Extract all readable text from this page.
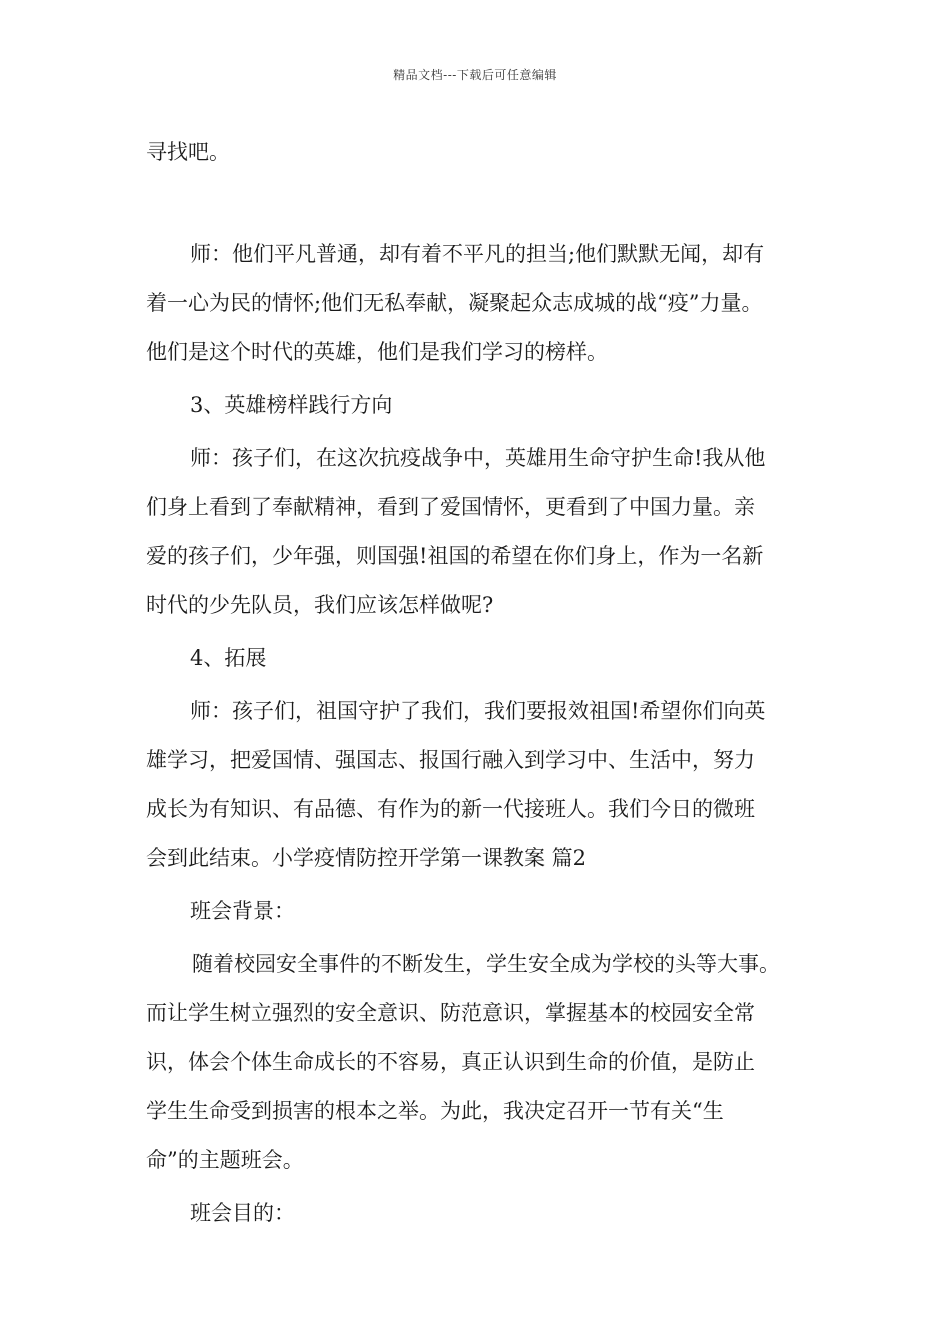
精品文档---下载后可任意编辑

寻找吧。

师：他们平凡普通，却有着不平凡的担当;他们默默无闻，却有

着一心为民的情怀;他们无私奉献，凝聚起众志成城的战“疫”力量。

他们是这个时代的英雄，他们是我们学习的榜样。

3、英雄榜样践行方向

师：孩子们，在这次抗疫战争中，英雄用生命守护生命!我从他

们身上看到了奉献精神，看到了爱国情怀，更看到了中国力量。亲

爱的孩子们，少年强，则国强!祖国的希望在你们身上，作为一名新

时代的少先队员，我们应该怎样做呢?

4、拓展

师：孩子们，祖国守护了我们，我们要报效祖国!希望你们向英

雄学习，把爱国情、强国志、报国行融入到学习中、生活中，努力

成长为有知识、有品德、有作为的新一代接班人。我们今日的微班

会到此结束。小学疫情防控开学第一课教案 篇2

班会背景：

随着校园安全事件的不断发生，学生安全成为学校的头等大事。

而让学生树立强烈的安全意识、防范意识，掌握基本的校园安全常

识，体会个体生命成长的不容易，真正认识到生命的价值，是防止

学生生命受到损害的根本之举。为此，我决定召开一节有关“生

命”的主题班会。

班会目的：
